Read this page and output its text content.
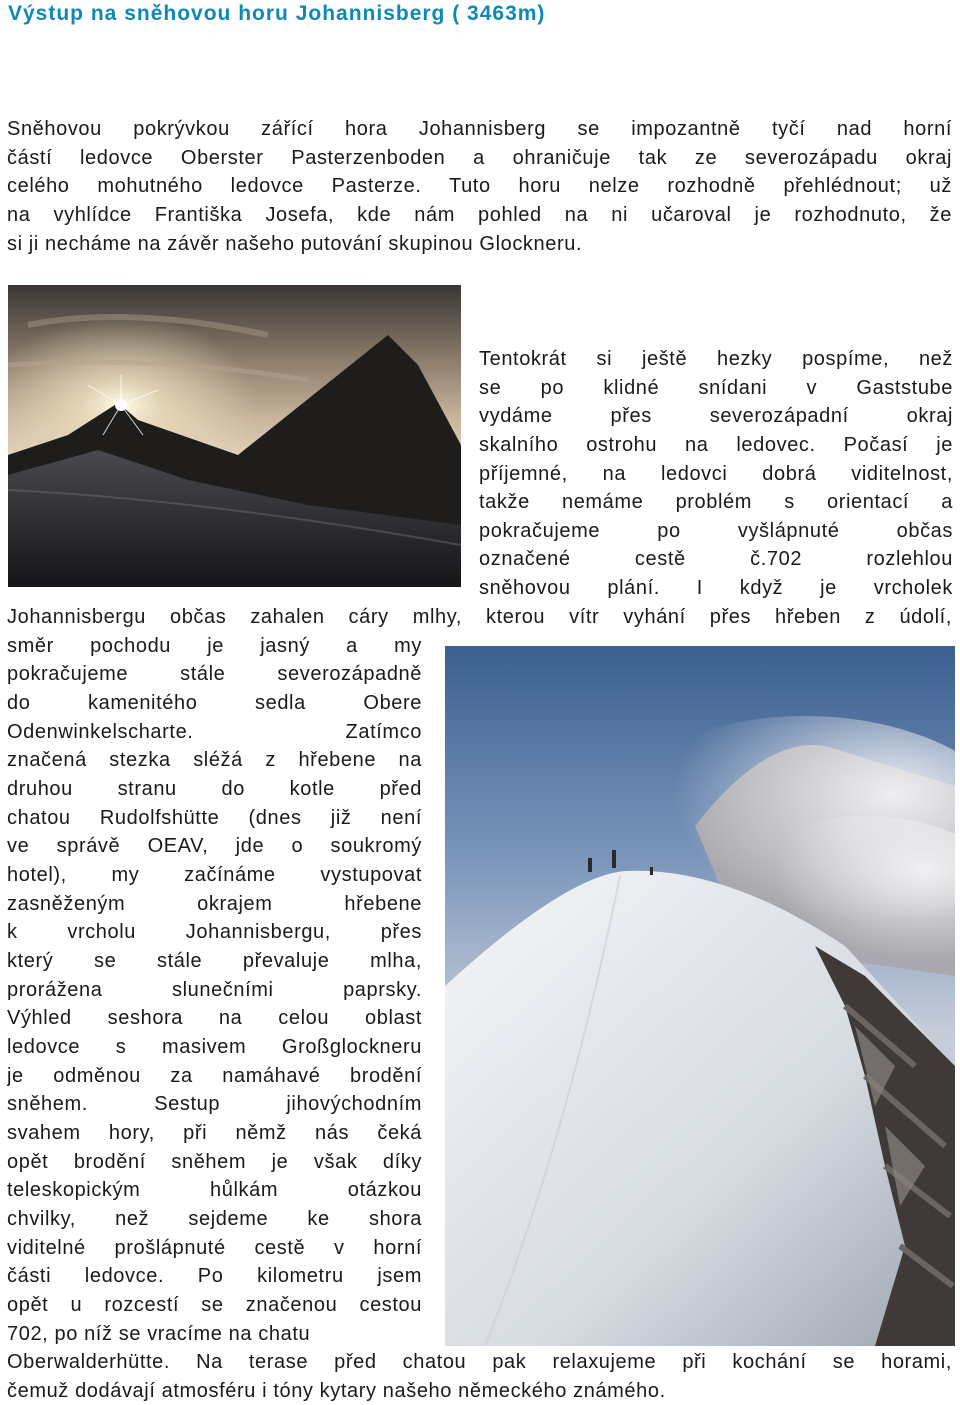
Výstup na sněhovou horu Johannisberg ( 3463m)
Sněhovou pokrývkou zářící hora Johannisberg se impozantně tyčí nad horní
částí ledovce Oberster Pasterzenboden a ohraničuje tak ze severozápadu okraj
celého mohutného ledovce Pasterze. Tuto horu nelze rozhodně přehlédnout; už
na vyhlídce Františka Josefa, kde nám pohled na ni učaroval je rozhodnuto, že
si ji necháme na závěr našeho putování skupinou Glockneru.
Tentokrát si ještě hezky pospíme, než
se po klidné snídani v Gaststube
vydáme přes severozápadní okraj
skalního ostrohu na ledovec. Počasí je
příjemné, na ledovci dobrá viditelnost,
takže nemáme problém s orientací a
pokračujeme po vyšlápnuté občas
označené cestě č.702 rozlehlou
sněhovou plání. I když je vrcholek
Johannisbergu občas zahalen cáry mlhy, kterou vítr vyhání přes hřeben z údolí,
směr pochodu je jasný a my
pokračujeme stále severozápadně
do kamenitého sedla Obere
Odenwinkelscharte. Zatímco
značená stezka sléžá z hřebene na
druhou stranu do kotle před
chatou Rudolfshütte (dnes již není
ve správě OEAV, jde o soukromý
hotel), my začínáme vystupovat
zasněženým okrajem hřebene
k vrcholu Johannisbergu, přes
který se stále převaluje mlha,
prorážena slunečními paprsky.
Výhled seshora na celou oblast
ledovce s masivem Großglockneru
je odměnou za namáhavé brodění
sněhem. Sestup jihovýchodním
svahem hory, při němž nás čeká
opět brodění sněhem je však díky
teleskopickým hůlkám otázkou
chvilky, než sejdeme ke shora
viditelné prošlápnuté cestě v horní
části ledovce. Po kilometru jsem
opět u rozcestí se značenou cestou
702, po níž se vracíme na chatu
Oberwalderhütte. Na terase před chatou pak relaxujeme při kochání se horami,
čemuž dodávají atmosféru i tóny kytary našeho německého známého.
